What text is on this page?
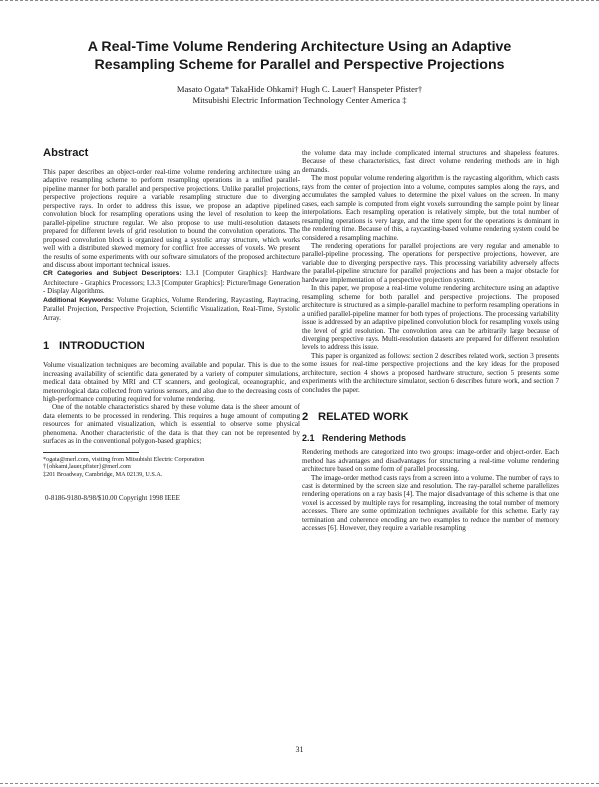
A Real-Time Volume Rendering Architecture Using an Adaptive
Resampling Scheme for Parallel and Perspective Projections
Masato Ogata* TakaHide Ohkami† Hugh C. Lauer† Hanspeter Pfister†
Mitsubishi Electric Information Technology Center America ‡
Abstract

This paper describes an object-order real-time volume rendering architecture using an adaptive resampling scheme to perform resampling operations in a unified parallel-pipeline manner for both parallel and perspective projections. Unlike parallel projections, perspective projections require a variable resampling structure due to diverging perspective rays. In order to address this issue, we propose an adaptive pipelined convolution block for resampling operations using the level of resolution to keep the parallel-pipeline structure regular. We also propose to use multi-resolution datasets prepared for different levels of grid resolution to bound the convolution operations. The proposed convolution block is organized using a systolic array structure, which works well with a distributed skewed memory for conflict free accesses of voxels. We present the results of some experiments with our software simulators of the proposed architecture and discuss about important technical issues.

CR Categories and Subject Descriptors: I.3.1 [Computer Graphics]: Hardware Architecture - Graphics Processors; I.3.3 [Computer Graphics]: Picture/Image Generation - Display Algorithms.

Additional Keywords: Volume Graphics, Volume Rendering, Raycasting, Raytracing, Parallel Projection, Perspective Projection, Scientific Visualization, Real-Time, Systolic Array.

1 INTRODUCTION

Volume visualization techniques are becoming available and popular. This is due to the increasing availability of scientific data generated by a variety of computer simulations, medical data obtained by MRI and CT scanners, and geological, oceanographic, and meteorological data collected from various sensors, and also due to the decreasing costs of high-performance computing required for volume rendering.

One of the notable characteristics shared by these volume data is the sheer amount of data elements to be processed in rendering. This requires a huge amount of computing resources for animated visualization, which is essential to observe some physical phenomena. Another characteristic of the data is that they can not be represented by surfaces as in the conventional polygon-based graphics;

*ogata@merl.com, visiting from Mitsubishi Electric Corporation
†{ohkami,lauer,pfister}@merl.com
‡201 Broadway, Cambridge, MA 02139, U.S.A.
0-8186-9180-8/98/$10.00 Copyright 1998 IEEE

the volume data may include complicated internal structures and shapeless features. Because of these characteristics, fast direct volume rendering methods are in high demands.

The most popular volume rendering algorithm is the raycasting algorithm, which casts rays from the center of projection into a volume, computes samples along the rays, and accumulates the sampled values to determine the pixel values on the screen. In many cases, each sample is computed from eight voxels surrounding the sample point by linear interpolations. Each resampling operation is relatively simple, but the total number of resampling operations is very large, and the time spent for the operations is dominant in the rendering time. Because of this, a raycasting-based volume rendering system could be considered a resampling machine.

The rendering operations for parallel projections are very regular and amenable to parallel-pipeline processing. The operations for perspective projections, however, are variable due to diverging perspective rays. This processing variability adversely affects the parallel-pipeline structure for parallel projections and has been a major obstacle for hardware implementation of a perspective projection system.

In this paper, we propose a real-time volume rendering architecture using an adaptive resampling scheme for both parallel and perspective projections. The proposed architecture is structured as a simple-parallel machine to perform resampling operations in a unified parallel-pipeline manner for both types of projections. The processing variability issue is addressed by an adaptive pipelined convolution block for resampling voxels using the level of grid resolution. The convolution area can be arbitrarily large because of diverging perspective rays. Multi-resolution datasets are prepared for different resolution levels to address this issue.

This paper is organized as follows: section 2 describes related work, section 3 presents some issues for real-time perspective projections and the key ideas for the proposed architecture, section 4 shows a proposed hardware structure, section 5 presents some experiments with the architecture simulator, section 6 describes future work, and section 7 concludes the paper.

2 RELATED WORK
2.1 Rendering Methods

Rendering methods are categorized into two groups: image-order and object-order. Each method has advantages and disadvantages for structuring a real-time volume rendering architecture based on some form of parallel processing.

The image-order method casts rays from a screen into a volume. The number of rays to cast is determined by the screen size and resolution. The ray-parallel scheme parallelizes rendering operations on a ray basis [4]. The major disadvantage of this scheme is that one voxel is accessed by multiple rays for resampling, increasing the total number of memory accesses. There are some optimization techniques available for this scheme. Early ray termination and coherence encoding are two examples to reduce the number of memory accesses [6]. However, they require a variable resampling

31
